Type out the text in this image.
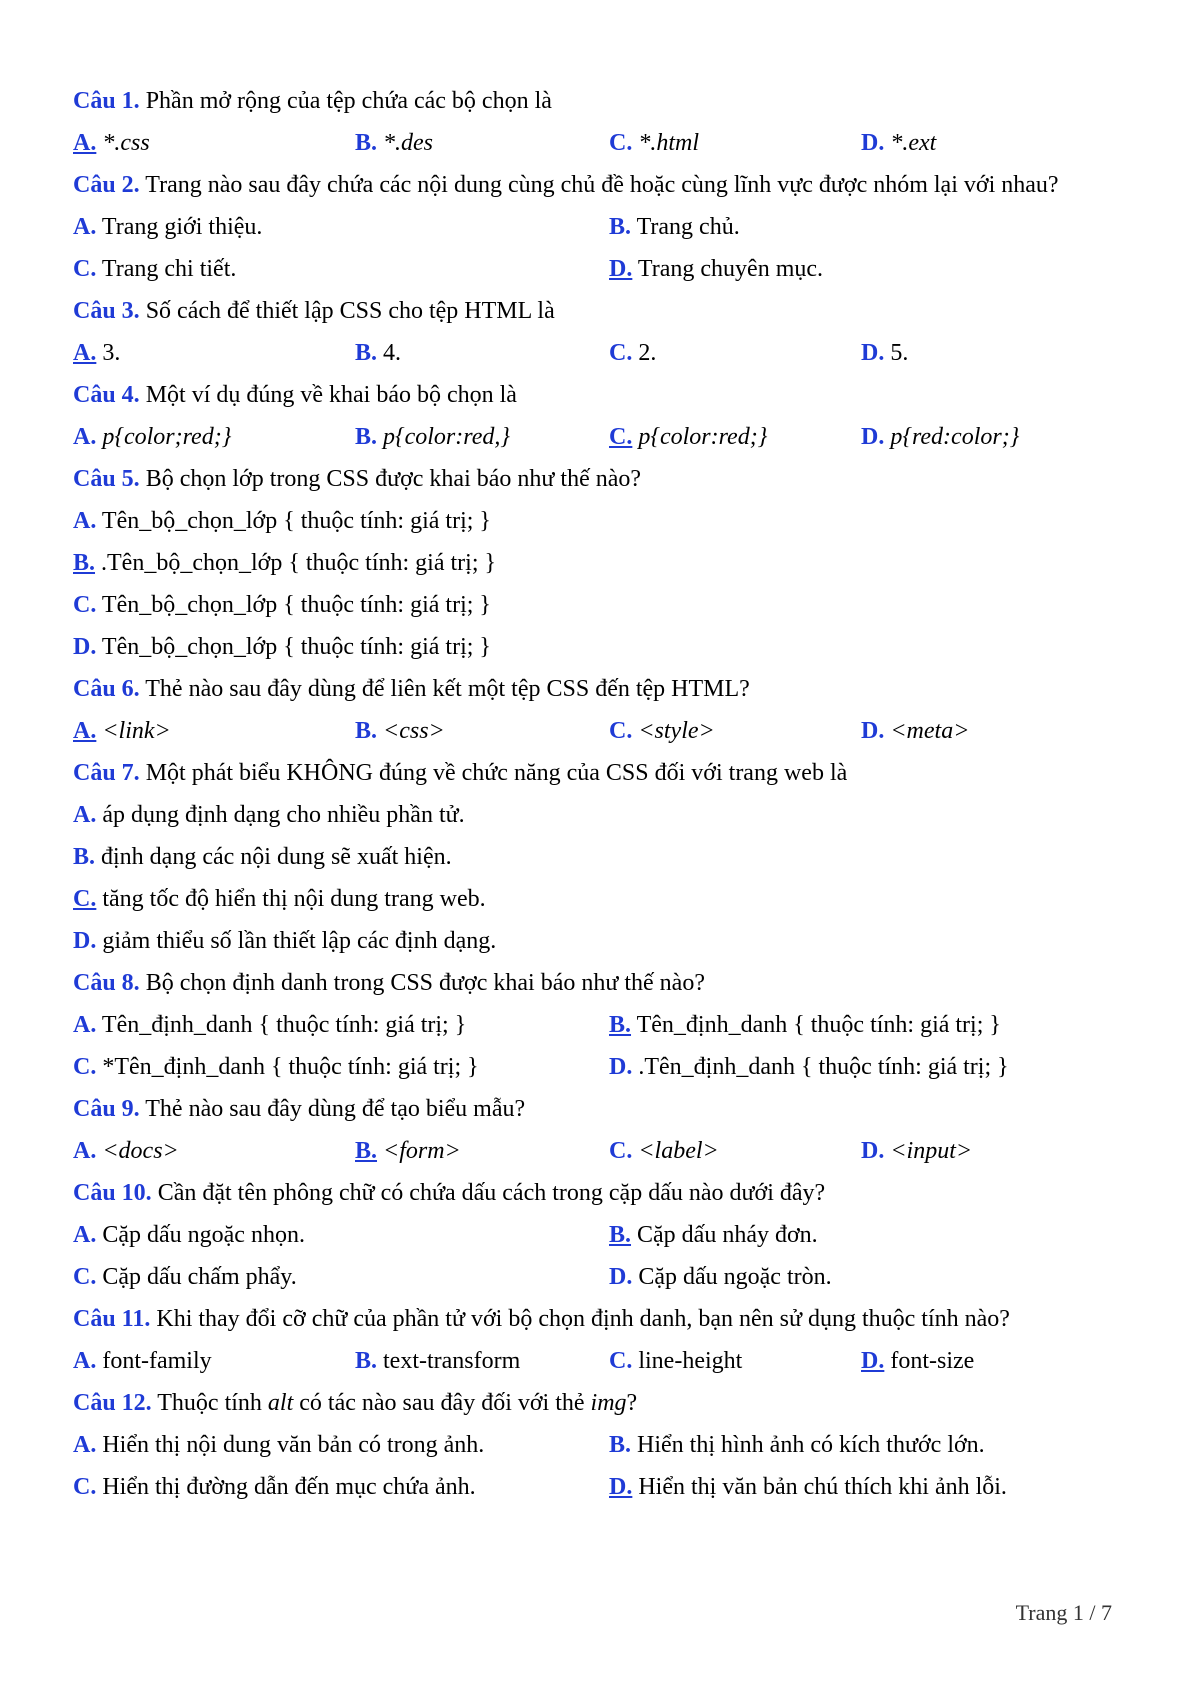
Câu 1. Phần mở rộng của tệp chứa các bộ chọn là

A. *.css	B. *.des	C. *.html	D. *.ext

Câu 2. Trang nào sau đây chứa các nội dung cùng chủ đề hoặc cùng lĩnh vực được nhóm lại với nhau?

A. Trang giới thiệu.	B. Trang chủ.
C. Trang chi tiết.	D. Trang chuyên mục.

Câu 3. Số cách để thiết lập CSS cho tệp HTML là

A. 3.	B. 4.	C. 2.	D. 5.

Câu 4. Một ví dụ đúng về khai báo bộ chọn là

A. p{color;red;}	B. p{color:red,}	C. p{color:red;}	D. p{red:color;}

Câu 5. Bộ chọn lớp trong CSS được khai báo như thế nào?

A. Tên_bộ_chọn_lớp { thuộc tính: giá trị; }
B. .Tên_bộ_chọn_lớp { thuộc tính: giá trị; }
C. Tên_bộ_chọn_lớp { thuộc tính: giá trị; }
D. Tên_bộ_chọn_lớp { thuộc tính: giá trị; }

Câu 6. Thẻ nào sau đây dùng để liên kết một tệp CSS đến tệp HTML?

A. <link>	B. <css>	C. <style>	D. <meta>

Câu 7. Một phát biểu KHÔNG đúng về chức năng của CSS đối với trang web là

A. áp dụng định dạng cho nhiều phần tử.
B. định dạng các nội dung sẽ xuất hiện.
C. tăng tốc độ hiển thị nội dung trang web.
D. giảm thiểu số lần thiết lập các định dạng.

Câu 8. Bộ chọn định danh trong CSS được khai báo như thế nào?

A. Tên_định_danh { thuộc tính: giá trị; }	B. Tên_định_danh { thuộc tính: giá trị; }
C. *Tên_định_danh { thuộc tính: giá trị; }	D. .Tên_định_danh { thuộc tính: giá trị; }

Câu 9. Thẻ nào sau đây dùng để tạo biểu mẫu?

A. <docs>	B. <form>	C. <label>	D. <input>

Câu 10. Cần đặt tên phông chữ có chứa dấu cách trong cặp dấu nào dưới đây?

A. Cặp dấu ngoặc nhọn.	B. Cặp dấu nháy đơn.
C. Cặp dấu chấm phẩy.	D. Cặp dấu ngoặc tròn.

Câu 11. Khi thay đổi cỡ chữ của phần tử với bộ chọn định danh, bạn nên sử dụng thuộc tính nào?

A. font-family	B. text-transform	C. line-height	D. font-size

Câu 12. Thuộc tính alt có tác nào sau đây đối với thẻ img?

A. Hiển thị nội dung văn bản có trong ảnh.	B. Hiển thị hình ảnh có kích thước lớn.
C. Hiển thị đường dẫn đến mục chứa ảnh.	D. Hiển thị văn bản chú thích khi ảnh lỗi.
Trang 1 / 7
